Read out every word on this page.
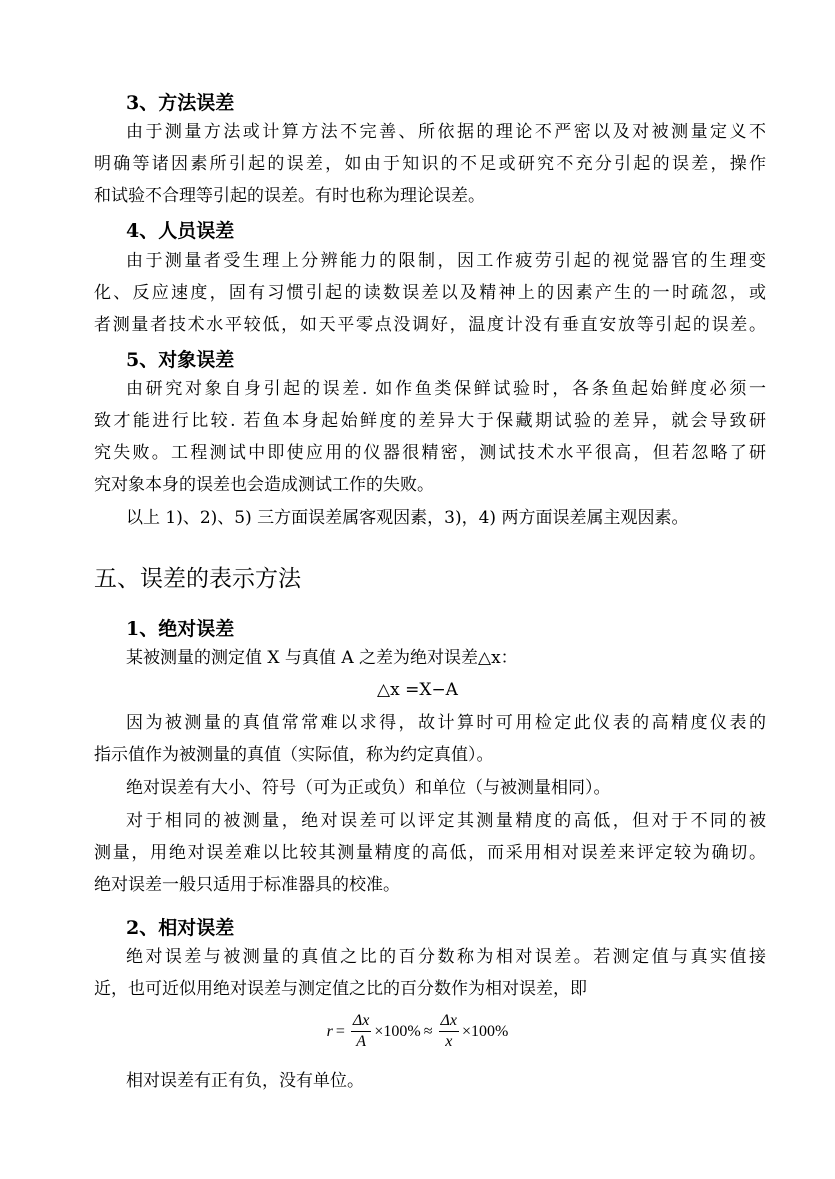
3、方法误差
由于测量方法或计算方法不完善、所依据的理论不严密以及对被测量定义不
明确等诸因素所引起的误差，如由于知识的不足或研究不充分引起的误差，操作
和试验不合理等引起的误差。有时也称为理论误差。
4、人员误差
由于测量者受生理上分辨能力的限制，因工作疲劳引起的视觉器官的生理变
化、反应速度，固有习惯引起的读数误差以及精神上的因素产生的一时疏忽，或
者测量者技术水平较低，如天平零点没调好，温度计没有垂直安放等引起的误差。
5、对象误差
由研究对象自身引起的误差. 如作鱼类保鲜试验时，各条鱼起始鲜度必须一
致才能进行比较. 若鱼本身起始鲜度的差异大于保藏期试验的差异，就会导致研
究失败。工程测试中即使应用的仪器很精密，测试技术水平很高，但若忽略了研
究对象本身的误差也会造成测试工作的失败。
以上 1)、2)、5) 三方面误差属客观因素，3)，4) 两方面误差属主观因素。
五、误差的表示方法
1、绝对误差
某被测量的测定值 X 与真值 A 之差为绝对误差△x：
△x =X−A
因为被测量的真值常常难以求得，故计算时可用检定此仪表的高精度仪表的
指示值作为被测量的真值（实际值，称为约定真值）。
绝对误差有大小、符号（可为正或负）和单位（与被测量相同）。
对于相同的被测量，绝对误差可以评定其测量精度的高低，但对于不同的被
测量，用绝对误差难以比较其测量精度的高低，而采用相对误差来评定较为确切。
绝对误差一般只适用于标准器具的校准。
2、相对误差
绝对误差与被测量的真值之比的百分数称为相对误差。若测定值与真实值接
近，也可近似用绝对误差与测定值之比的百分数作为相对误差，即
$r = \frac{\Delta x}{A} \times 100\% \approx \frac{\Delta x}{x} \times 100\%$
相对误差有正有负，没有单位。
